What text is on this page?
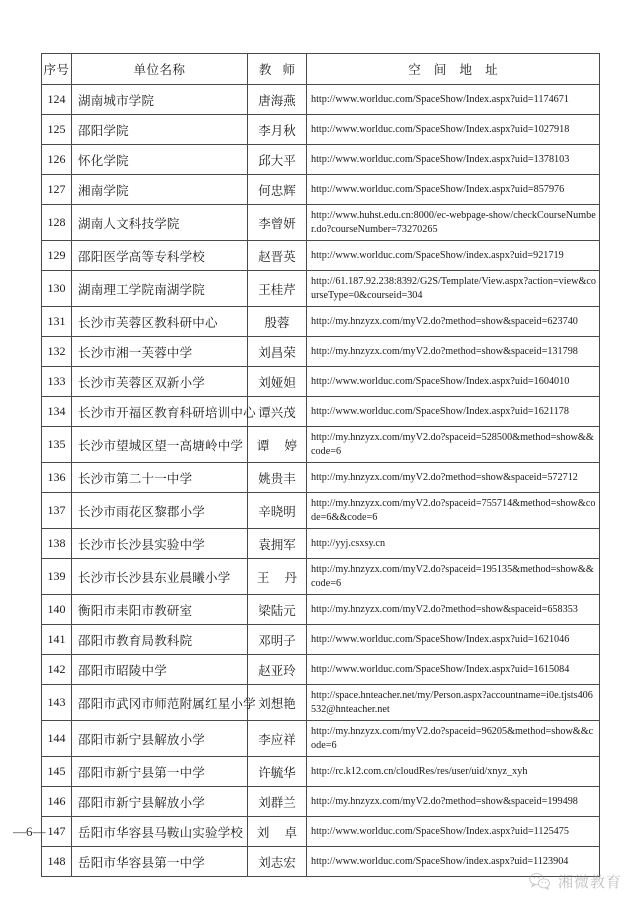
序号	单位名称	教 师	空 间 地 址
124	湖南城市学院	唐海燕	http://www.worlduc.com/SpaceShow/Index.aspx?uid=1174671
125	邵阳学院	李月秋	http://www.worlduc.com/SpaceShow/Index.aspx?uid=1027918
126	怀化学院	邱大平	http://www.worlduc.com/SpaceShow/Index.aspx?uid=1378103
127	湘南学院	何忠辉	http://www.worlduc.com/SpaceShow/Index.aspx?uid=857976
128	湖南人文科技学院	李曾妍	http://www.huhst.edu.cn:8000/ec-webpage-show/checkCourseNumber.do?courseNumber=73270265
129	邵阳医学高等专科学校	赵晋英	http://www.worlduc.com/SpaceShow/index.aspx?uid=921719
130	湖南理工学院南湖学院	王桂芹	http://61.187.92.238:8392/G2S/Template/View.aspx?action=view&courseType=0&courseid=304
131	长沙市芙蓉区教科研中心	殷蓉	http://my.hnzyzx.com/myV2.do?method=show&spaceid=623740
132	长沙市湘一芙蓉中学	刘昌荣	http://my.hnzyzx.com/myV2.do?method=show&spaceid=131798
133	长沙市芙蓉区双新小学	刘娅妲	http://www.worlduc.com/SpaceShow/Index.aspx?uid=1604010
134	长沙市开福区教育科研培训中心	谭兴茂	http://www.worlduc.com/SpaceShow/Index.aspx?uid=1621178
135	长沙市望城区望一高塘岭中学	谭 婷	http://my.hnzyzx.com/myV2.do?spaceid=528500&method=show&&code=6
136	长沙市第二十一中学	姚贵丰	http://my.hnzyzx.com/myV2.do?method=show&spaceid=572712
137	长沙市雨花区黎郡小学	辛晓明	http://my.hnzyzx.com/myV2.do?spaceid=755714&method=show&code=6&&code=6
138	长沙市长沙县实验中学	袁拥军	http://yyj.csxsy.cn
139	长沙市长沙县东业晨曦小学	王 丹	http://my.hnzyzx.com/myV2.do?spaceid=195135&method=show&&code=6
140	衡阳市耒阳市教研室	梁陆元	http://my.hnzyzx.com/myV2.do?method=show&spaceid=658353
141	邵阳市教育局教科院	邓明子	http://www.worlduc.com/SpaceShow/Index.aspx?uid=1621046
142	邵阳市昭陵中学	赵亚玲	http://www.worlduc.com/SpaceShow/Index.aspx?uid=1615084
143	邵阳市武冈市师范附属红星小学	刘想艳	http://space.hnteacher.net/my/Person.aspx?accountname=i0e.tjsts406532@hnteacher.net
144	邵阳市新宁县解放小学	李应祥	http://my.hnzyzx.com/myV2.do?spaceid=96205&method=show&&code=6
145	邵阳市新宁县第一中学	许毓华	http://rc.k12.com.cn/cloudRes/res/user/uid/xnyz_xyh
146	邵阳市新宁县解放小学	刘群兰	http://my.hnzyzx.com/myV2.do?method=show&spaceid=199498
147	岳阳市华容县马鞍山实验学校	刘 卓	http://www.worlduc.com/SpaceShow/Index.aspx?uid=1125475
148	岳阳市华容县第一中学	刘志宏	http://www.worlduc.com/SpaceShow/index.aspx?uid=1123904
—6—
湘微教育
